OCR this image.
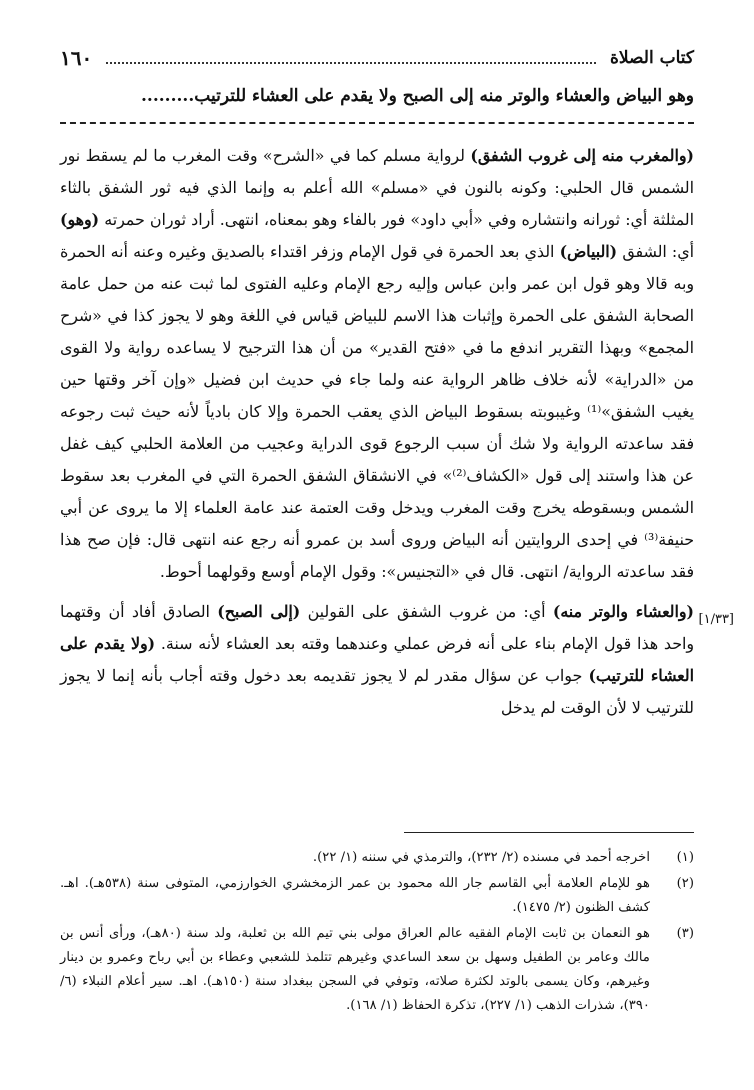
كتاب الصلاة
١٦٠
وهو البياض والعشاء والوتر منه إلى الصبح ولا يقدم على العشاء للترتيب.........

(والمغرب منه إلى غروب الشفق) لرواية مسلم كما في «الشرح» وقت المغرب ما لم يسقط نور الشمس قال الحلبي: وكونه بالنون في «مسلم» الله أعلم به وإنما الذي فيه ثور الشفق بالثاء المثلثة أي: ثورانه وانتشاره وفي «أبي داود» فور بالفاء وهو بمعناه، انتهى. أراد ثوران حمرته (وهو) أي: الشفق (البياض) الذي بعد الحمرة في قول الإمام وزفر اقتداء بالصديق وغيره وعنه أنه الحمرة وبه قالا وهو قول ابن عمر وابن عباس وإليه رجع الإمام وعليه الفتوى لما ثبت عنه من حمل عامة الصحابة الشفق على الحمرة وإثبات هذا الاسم للبياض قياس في اللغة وهو لا يجوز كذا في «شرح المجمع» وبهذا التقرير اندفع ما في «فتح القدير» من أن هذا الترجيح لا يساعده رواية ولا القوى من «الدراية» لأنه خلاف ظاهر الرواية عنه ولما جاء في حديث ابن فضيل «وإن آخر وقتها حين يغيب الشفق»⁽¹⁾ وغيبوبته بسقوط البياض الذي يعقب الحمرة وإلا كان بادياً لأنه حيث ثبت رجوعه فقد ساعدته الرواية ولا شك أن سبب الرجوع قوى الدراية وعجيب من العلامة الحلبي كيف غفل عن هذا واستند إلى قول «الكشاف⁽²⁾» في الانشقاق الشفق الحمرة التي في المغرب بعد سقوط الشمس وبسقوطه يخرج وقت المغرب ويدخل وقت العتمة عند عامة العلماء إلا ما يروى عن أبي حنيفة⁽³⁾ في إحدى الروايتين أنه البياض وروى أسد بن عمرو أنه رجع عنه انتهى قال: فإن صح هذا فقد ساعدته الرواية/ انتهى. قال في «التجنيس»: وقول الإمام أوسع وقولهما أحوط.

(والعشاء والوتر منه) أي: من غروب الشفق على القولين (إلى الصبح) الصادق أفاد أن وقتهما واحد هذا قول الإمام بناء على أنه فرض عملي وعندهما وقته بعد العشاء لأنه سنة. (ولا يقدم على العشاء للترتيب) جواب عن سؤال مقدر لم لا يجوز تقديمه بعد دخول وقته أجاب بأنه إنما لا يجوز للترتيب لا لأن الوقت لم يدخل

[١/٣٣]
(١)
اخرجه أحمد في مسنده (٢/ ٢٣٢)، والترمذي في سننه (١/ ٢٢).
(٢)
هو للإمام العلامة أبي القاسم جار الله محمود بن عمر الزمخشري الخوارزمي، المتوفى سنة (٥٣٨هـ). اهـ. كشف الظنون (٢/ ١٤٧٥).
(٣)
هو النعمان بن ثابت الإمام الفقيه عالم العراق مولى بني تيم الله بن ثعلبة، ولد سنة (٨٠هـ)، ورأى أنس بن مالك وعامر بن الطفيل وسهل بن سعد الساعدي وغيرهم تتلمذ للشعبي وعطاء بن أبي رباح وعمرو بن دينار وغيرهم، وكان يسمى بالوتد لكثرة صلاته، وتوفي في السجن ببغداد سنة (١٥٠هـ). اهـ. سير أعلام النبلاء (٦/ ٣٩٠)، شذرات الذهب (١/ ٢٢٧)، تذكرة الحفاظ (١/ ١٦٨).
